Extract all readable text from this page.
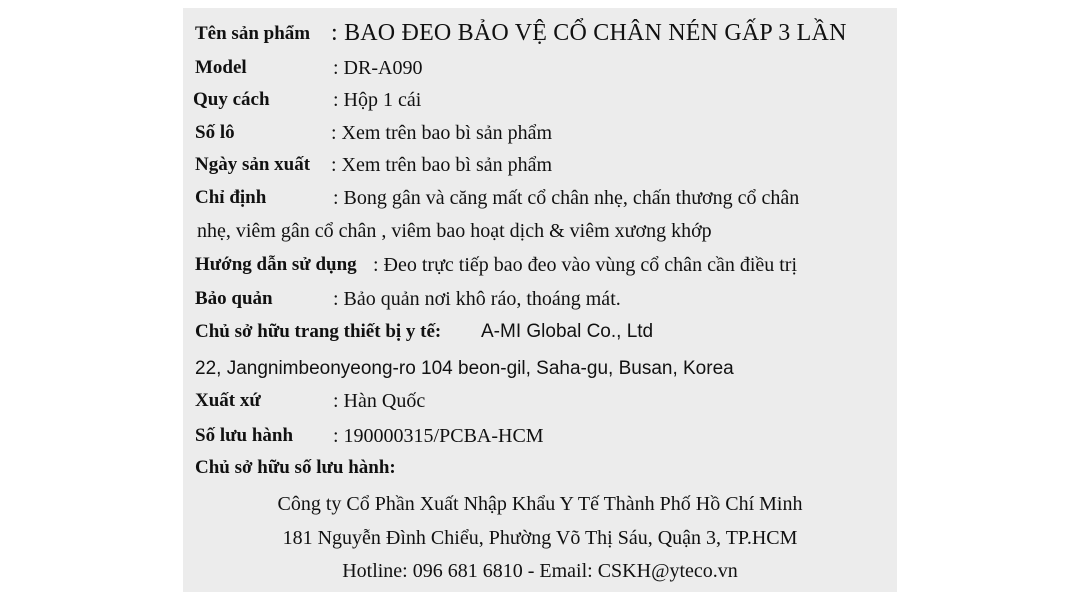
Tên sản phẩm : BAO ĐEO BẢO VỆ CỔ CHÂN NÉN GẤP 3 LẦN
Model	: DR-A090
Quy cách	: Hộp 1 cái
Số lô	: Xem trên bao bì sản phẩm
Ngày sản xuất : Xem trên bao bì sản phẩm
Chỉ định	: Bong gân và căng mất cổ chân nhẹ, chấn thương cổ chân
nhẹ, viêm gân cổ chân , viêm bao hoạt dịch & viêm xương khớp
Hướng dẫn sử dụng : Đeo trực tiếp bao đeo vào vùng cổ chân cần điều trị
Bảo quản	: Bảo quản nơi khô ráo, thoáng mát.
Chủ sở hữu trang thiết bị y tế: A-MI Global Co., Ltd
22, Jangnimbeonyeong-ro 104 beon-gil, Saha-gu, Busan, Korea
Xuất xứ	: Hàn Quốc
Số lưu hành : 190000315/PCBA-HCM
Chủ sở hữu số lưu hành:
Công ty Cổ Phần Xuất Nhập Khẩu Y Tế Thành Phố Hồ Chí Minh
181 Nguyễn Đình Chiểu, Phường Võ Thị Sáu, Quận 3, TP.HCM
Hotline: 096 681 6810 - Email: CSKH@yteco.vn
